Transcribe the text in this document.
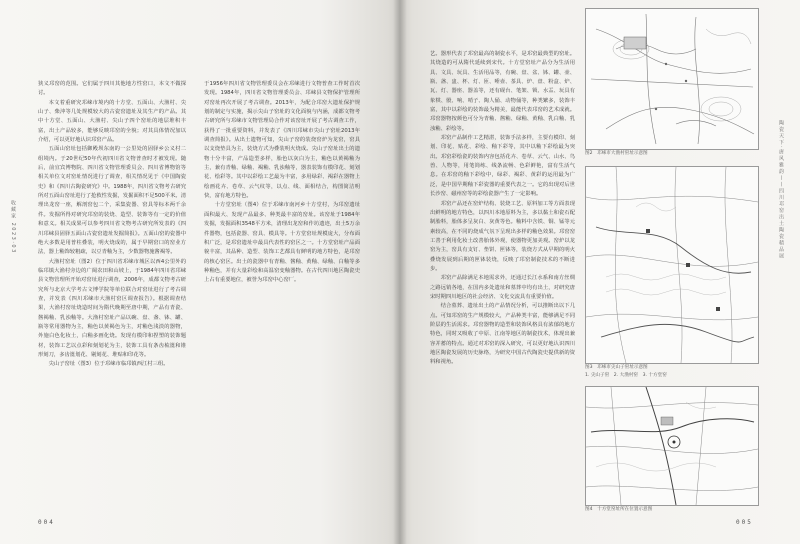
收藏家 2023·03

狭义邛窑的范围。它们属于四川其他地方性窑口，本文不做探讨。

本文着重研究邛崃市境内的十方堂、五面山、大渔村、尖山子、柴沖等几处规模较大的古瓷窑遗址及其生产的产品。其中十方堂、五面山、大渔村、尖山子四个窑址的地层堆积丰富，出土产品较多，能够反映邛窑的全貌；对其具体情况加以介绍，可以更好地认识邛窑产品。

五面山窑址包括御殿坝东南的一公里处的固驿乡公义村二组境内。于20世纪50年代初四川省文物普查时才被发现。随后，前宜宾博物院、四川省文物管理委员会、四川省博物馆等相关单位文对窑址情况进行了调查，相关情况见于《中国陶瓷史》和《四川古陶瓷研究》中。1988年，四川省文物考古研究所对五面山窑址进行了抢救性发掘，发掘面积不足500平米。清理出龙窑一座，解剖窑包二个，采集瓷器、窑具等标本两千余件。发掘所得对研究邛窑的装烧、造型、装饰等有一定的价值和意义。相关成果可以参考四川省文物考古研究所发表的《四川邛崃县固驿五面山古瓷窑遗址发掘简报》。五面山窑的瓷器中绝大多数是用普柱叠装，明火烧成的，属于早期窑口的窑业方法，器上釉饰较粗疏，以豆青釉为主，少数器物施酱褐等。

大渔村窑址（图2）位于四川省邛崃市城区以西4公里外的临邛镇大渔村旁边的广阔农田和山坡上，于1984年四川省邛崃县文物管理所开始对窑址进行调查，2006年，成都文物考古研究所与北京大学考古文博学院等单位联合对窑址进行了考古调查，并发表《四川邛崃市大渔村窑区调查报告》。根据调查结果，大渔村窑址烧造时间为隋代晚期至唐中期，产品有青瓷、酱褐釉、乳浊釉等。大渔村窑址产品以碗、盘、盏、钵、罐、瓶等常用器物为主，釉色以黄褐色为主，对釉色浅淡的器物，外施白色化妆土，白釉多画化烧。发现有模印和捏塑的装饰题材，装饰工艺以点彩和刻划花为主，装饰工具有条齿梳篦和锥形刻刀，多齿篦划花、剔刻花、堆贴和印花等。

尖山子窑址（图3）位于邛崃市临邛镇西江村三组。

于1956年四川省文物管理委员会在邛崃进行文物普查工作时首次发现。1984年，四川省文物管理委员会、邛崃县文物保护管理所对窑址再次开展了考古调查。2013年，为配合邛窑大遗址保护规划的制定与实施，揭示尖山子窑址的文化面貌与内涵，成都文物考古研究所与邛崃市文物管理局合作对该窑址开展了考古调查工作，获得了一批重要资料，并发表了《四川邛崃市尖山子窑址2013年调查简报》。从出土遗物可知，尖山子窑的装烧窑炉为龙窑，窑具以支烧垫具为主，装烧方式为叠装明火烧成。尖山子窑址出土的遗物十分丰富，产品造型多样，胎色以灰白为主，釉色以黄褐釉为主，兼有青釉、绿釉、褐釉、乳浊釉等，器表装饰有模印花、刻划花、绘彩等。其中以彩绘工艺最为丰富，多用绿彩、褐彩在器物上绘画花卉、卷草、云气纹等，以点、线、面相结合，构图简洁明快，富有地方特色。

十方堂窑址（图4）位于邛崃市南河乡十方堂村，为邛窑遗址面积最大、发现产品最多、种类最丰富的窑址。该窑址于1984年发掘，发掘面积3548平方米，清理出龙窑和作坊遗迹，出土5万余件器物，包括瓷器、窑具、模具等。十方堂窑址规模庞大，分布面积广泛，是邛窑遗址中最具代表性的窑区之一。十方堂窑址产品面貌丰富，其品种、造型、装饰工艺都具有鲜明的地方特色，是邛窑的核心窑区。出土的瓷器中有青釉、酱釉、黄釉、绿釉、白釉等多种釉色，并有大量彩绘和高温窑变釉器物。在古代四川地区陶瓷史上占有重要地位，被誉为邛窑中心窑厂。

004
陶瓷天下·唐风雅韵——四川邛窑出土陶瓷精品展

艺。器形代表了邛窑最高的制瓷水平，是邛窑最典型的窑址。其烧造的可从隋代延续到宋代。十方堂窑址产品分为生活用具、文具、玩具、生活用品等，有碗、盘、盆、钵、罐、壶、瓶、盏、盅、杯、灯、匝、唾壶、茶具、炉、盘、粉盒、炉、瓦、灯、器座、器盖等，还有砚台、笔架、锁、水盂、玩具有象棋、骰、响、哨子、陶人俑、动物俑等，种类繁多，装饰丰富，其中以彩绘的装饰最为精美，最能代表邛窑的艺术成就。邛窑器物按颜色可分为青釉、酱釉、绿釉、黄釉、乳白釉、乳浊釉、彩绘等。

邛窑产品制作工艺精湛，装饰手法多样，主要有模印、刻划、印花、贴花、彩绘、釉下彩等，其中以釉下彩绘最为突出。邛窑彩绘瓷的装饰内容包括花卉、卷草、云气、山水、鸟兽、人物等，用笔简练、线条流畅、色彩鲜艳，富有生活气息。在邛窑的釉下彩绘中，绿彩、褐彩、黄彩的运用最为广泛，是中国早期釉下彩瓷器的重要代表之一。它的出现对后世长沙窑、磁州窑等的彩绘瓷器产生了一定影响。

邛窑产品还在窑炉结构、装烧工艺、原料加工等方面表现出鲜明的地方特色，以四川本地原料为主，多以黏土和瓷石配制胎料，胎体多呈灰白、灰黄等色。釉料中含铁、铜、锰等元素较高，在不同的烧成气氛下呈现出多样的釉色效果。邛窑窑工善于利用化妆土改善胎体外观，使器物更加美观。窑炉以龙窑为主，窑具有支钉、垫饼、匣钵等，装烧方式从早期的明火叠烧发展到后期的匣钵装烧，反映了邛窑制瓷技术的不断进步。

邛窑产品除满足本地需求外，还通过长江水系和南方丝绸之路远销各地，在国内多处遗址和墓葬中均有出土，对研究唐宋时期四川地区的社会经济、文化交流具有重要价值。

结合墓葬、遗址出土的产品情况分析，可以推断出以下几点。可知邛窑的生产规模较大，产品种类丰富，能够满足不同阶层的生活需求。邛窑器物的造型和装饰风格具有浓郁的地方特色，同时又吸收了中原、江南等地区的制瓷技术，体现出兼容并蓄的特点。通过对邛窑的深入研究，可以更好地认识四川地区陶瓷发展的历史脉络，为研究中国古代陶瓷史提供新的资料和视角。

005
图2　邛崃市大渔村窑址示意图
图3　邛崃市尖山子窑址示意图
1. 尖山子窑　2. 大渔村窑　3. 十方堂窑
图4　十方堂窑址所在位置示意图
